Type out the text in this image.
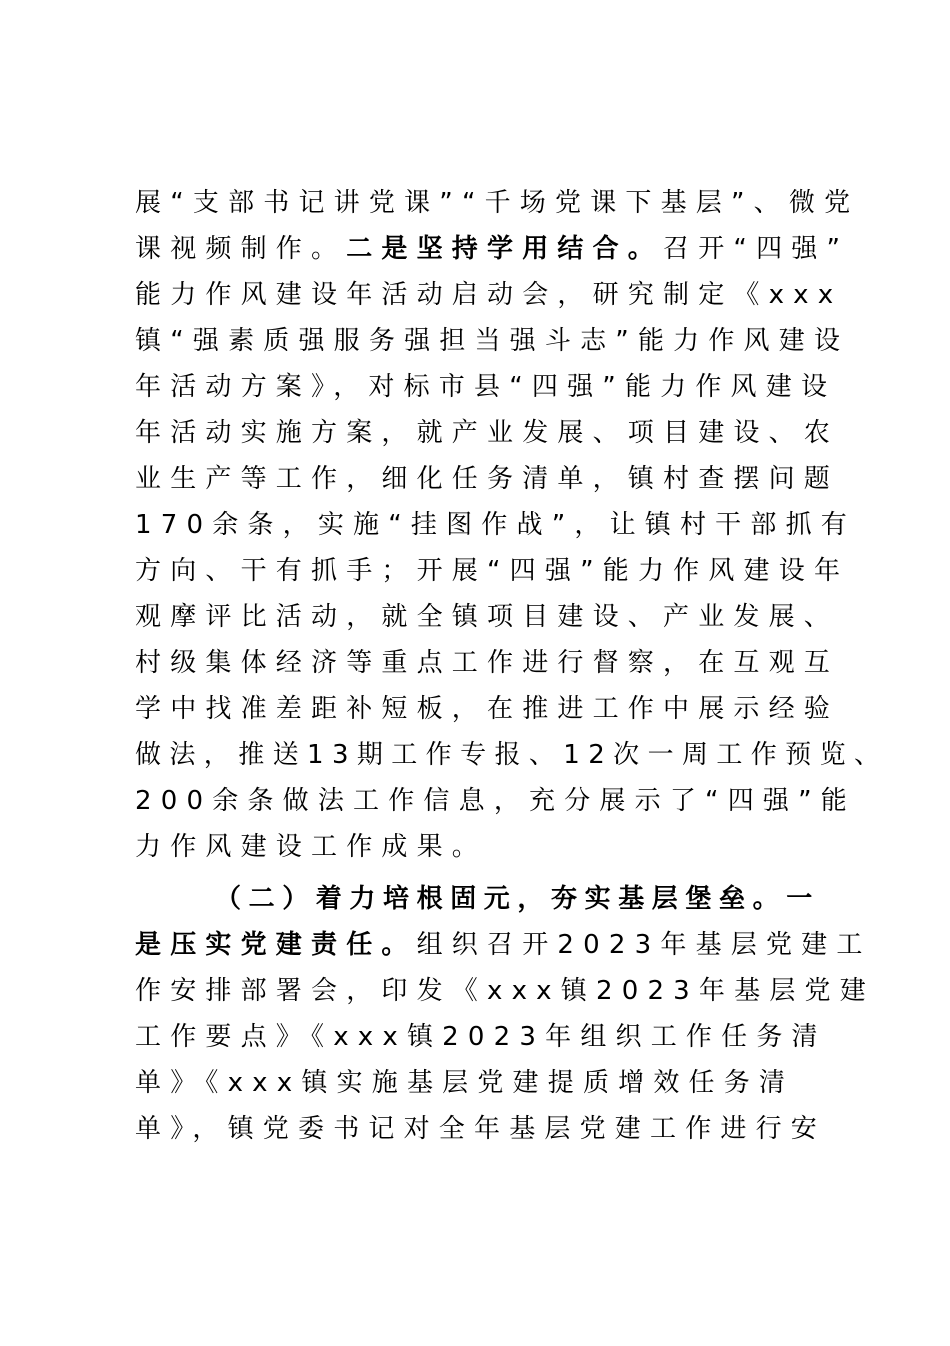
展“支部书记讲党课”“千场党课下基层”、微党
课视频制作。二是坚持学用结合。召开“四强”
能力作风建设年活动启动会，研究制定《xxx
镇“强素质强服务强担当强斗志”能力作风建设
年活动方案》，对标市县“四强”能力作风建设
年活动实施方案，就产业发展、项目建设、农
业生产等工作，细化任务清单，镇村查摆问题
170余条，实施“挂图作战”，让镇村干部抓有
方向、干有抓手；开展“四强”能力作风建设年
观摩评比活动，就全镇项目建设、产业发展、
村级集体经济等重点工作进行督察，在互观互
学中找准差距补短板，在推进工作中展示经验
做法，推送13期工作专报、12次一周工作预览、
200余条做法工作信息，充分展示了“四强”能
力作风建设工作成果。
（二）着力培根固元，夯实基层堡垒。一
是压实党建责任。组织召开2023年基层党建工
作安排部署会，印发《xxx镇2023年基层党建
工作要点》《xxx镇2023年组织工作任务清
单》《xxx镇实施基层党建提质增效任务清
单》，镇党委书记对全年基层党建工作进行安
